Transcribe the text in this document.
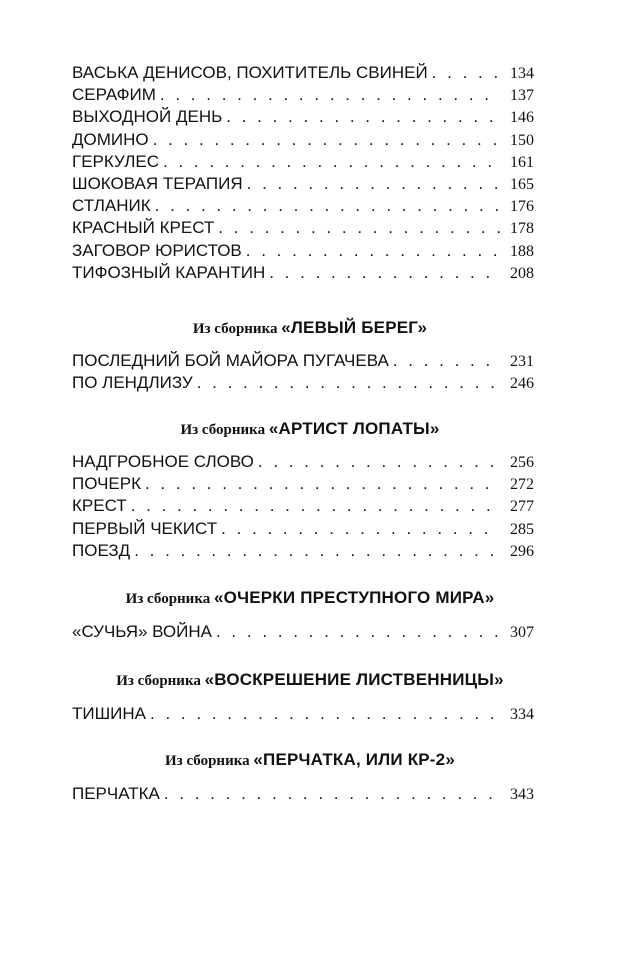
ВАСЬКА ДЕНИСОВ, ПОХИТИТЕЛЬ СВИНЕЙ . . .	134
СЕРАФИМ . . .	137
ВЫХОДНОЙ ДЕНЬ . . .	146
ДОМИНО . . .	150
ГЕРКУЛЕС . . .	161
ШОКОВАЯ ТЕРАПИЯ . . .	165
СТЛАНИК . . .	176
КРАСНЫЙ КРЕСТ . . .	178
ЗАГОВОР ЮРИСТОВ . . .	188
ТИФОЗНЫЙ КАРАНТИН . . .	208
Из сборника «ЛЕВЫЙ БЕРЕГ»
ПОСЛЕДНИЙ БОЙ МАЙОРА ПУГАЧЕВА . . .	231
ПО ЛЕНДЛИЗУ . . .	246
Из сборника «АРТИСТ ЛОПАТЫ»
НАДГРОБНОЕ СЛОВО . . .	256
ПОЧЕРК . . .	272
КРЕСТ . . .	277
ПЕРВЫЙ ЧЕКИСТ . . .	285
ПОЕЗД . . .	296
Из сборника «ОЧЕРКИ ПРЕСТУПНОГО МИРА»
«СУЧЬЯ» ВОЙНА . . .	307
Из сборника «ВОСКРЕШЕНИЕ ЛИСТВЕННИЦЫ»
ТИШИНА . . .	334
Из сборника «ПЕРЧАТКА, ИЛИ КР-2»
ПЕРЧАТКА . . .	343
